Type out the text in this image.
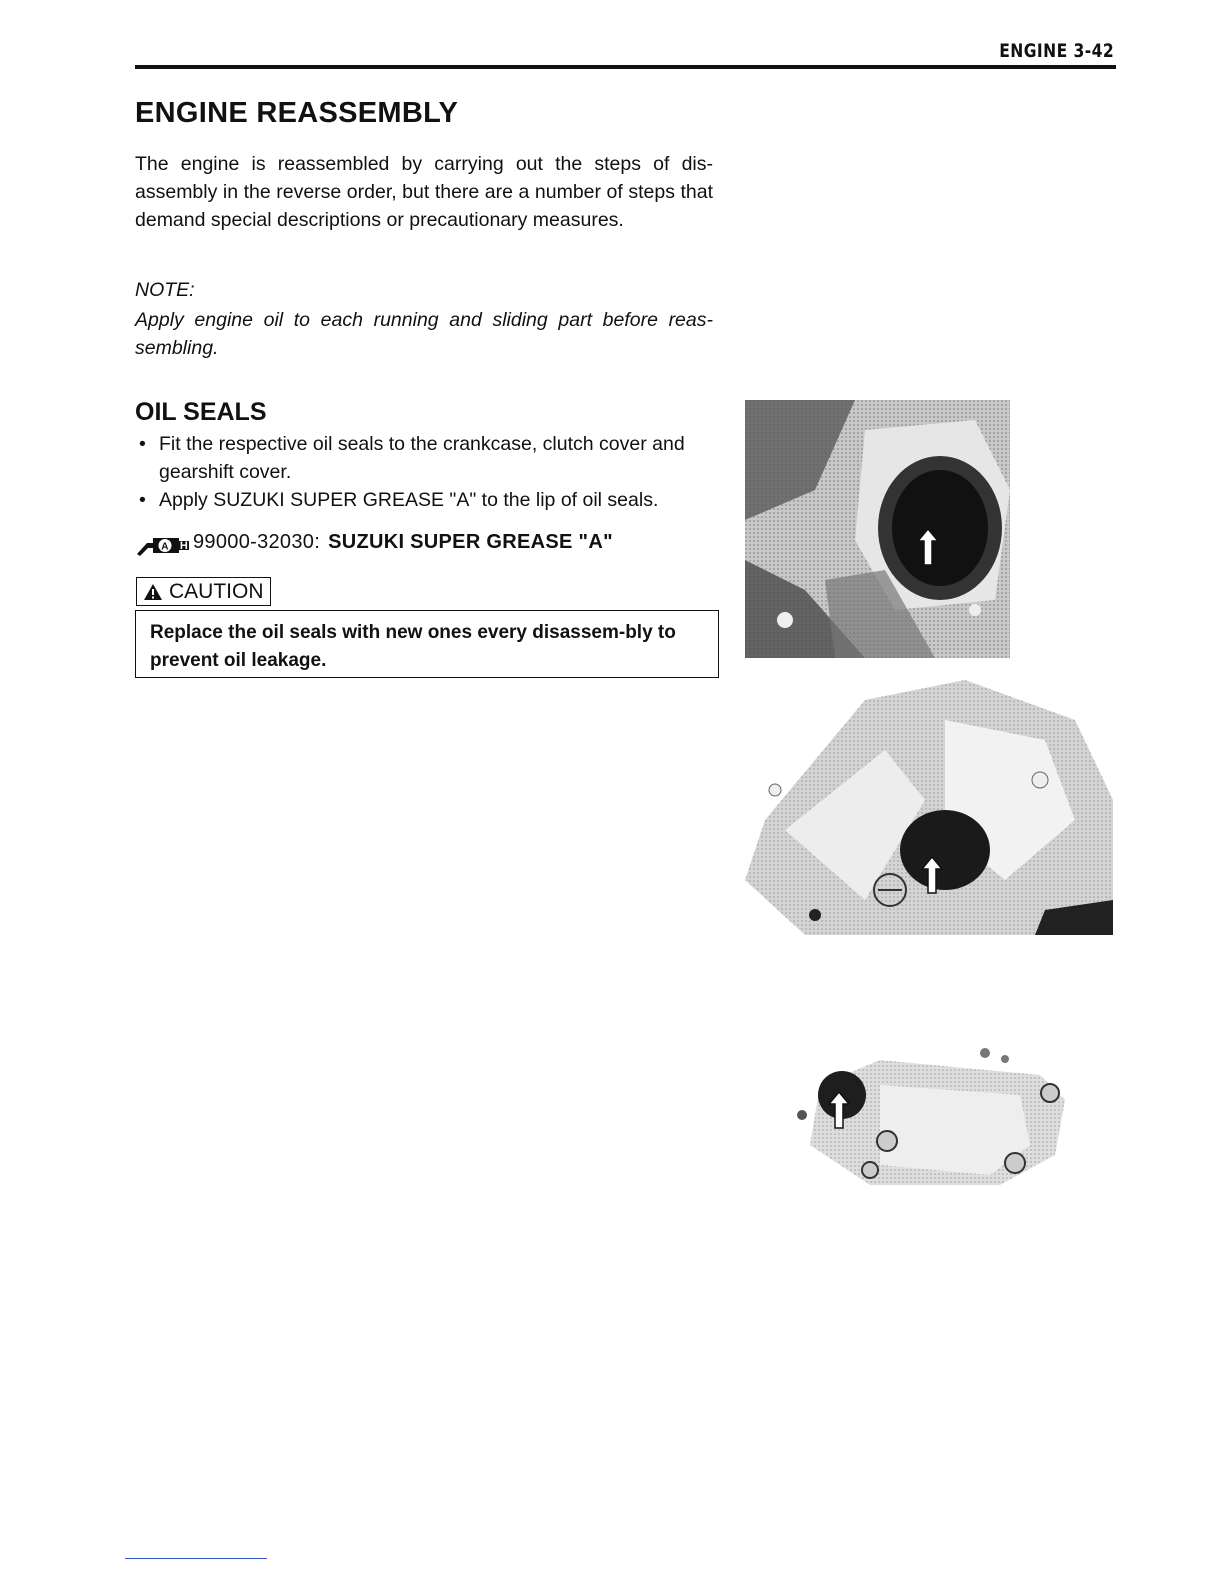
ENGINE 3-42
ENGINE REASSEMBLY

The engine is reassembled by carrying out the steps of dis-assembly in the reverse order, but there are a number of steps that demand special descriptions or precautionary measures.

NOTE:

Apply engine oil to each running and sliding part before reas-sembling.

OIL SEALS
• Fit the respective oil seals to the crankcase, clutch cover and gearshift cover.
• Apply SUZUKI SUPER GREASE "A" to the lip of oil seals.
A H 99000-32030: SUZUKI SUPER GREASE "A"
CAUTION
Replace the oil seals with new ones every disassem-bly to prevent oil leakage.
